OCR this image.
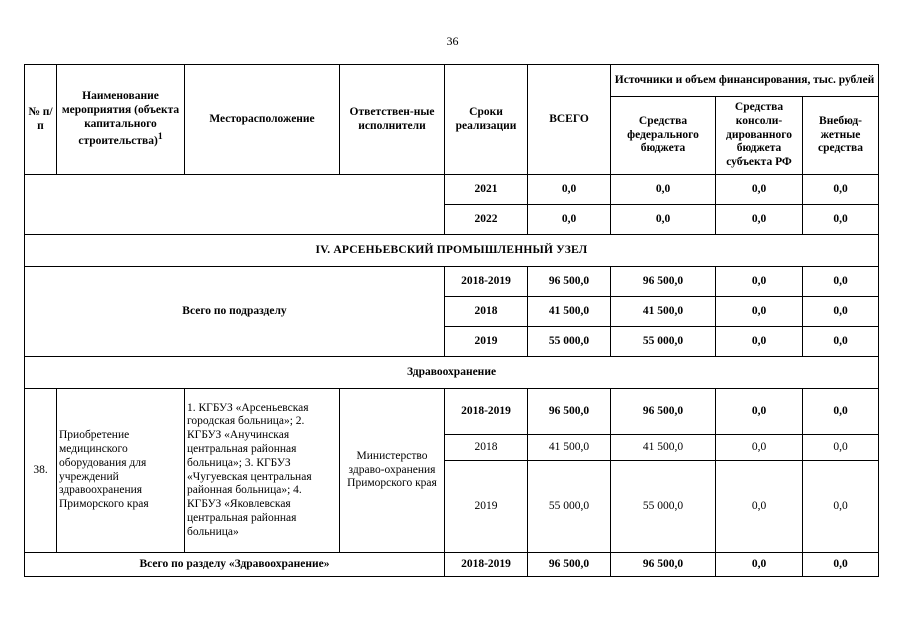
36
№ п/п	Наименование мероприятия (объекта капитального строительства)$^1$	Месторасположение	Ответствен-ные исполнители	Сроки реализации	ВСЕГО	Источники и объем финансирования, тыс. рублей		
						Средства федерального бюджета	Средства консоли-дированного бюджета субъекта РФ	Внебюд-жетные средства
				2021	0,0	0,0	0,0	0,0
				2022	0,0	0,0	0,0	0,0
IV. АРСЕНЬЕВСКИЙ ПРОМЫШЛЕННЫЙ УЗЕЛ								
Всего по подразделу				2018-2019	96 500,0	96 500,0	0,0	0,0
				2018	41 500,0	41 500,0	0,0	0,0
				2019	55 000,0	55 000,0	0,0	0,0
Здравоохранение								
38.	Приобретение медицинского оборудования для учреждений здравоохранения Приморского края	1. КГБУЗ «Арсеньевская городская больница»; 2. КГБУЗ «Анучинская центральная районная больница»; 3. КГБУЗ «Чугуевская центральная районная больница»; 4. КГБУЗ «Яковлевская центральная районная больница»	Министерство здраво-охранения Приморского края	2018-2019	96 500,0	96 500,0	0,0	0,0
				2018	41 500,0	41 500,0	0,0	0,0
				2019	55 000,0	55 000,0	0,0	0,0
Всего по разделу «Здравоохранение»				2018-2019	96 500,0	96 500,0	0,0	0,0
